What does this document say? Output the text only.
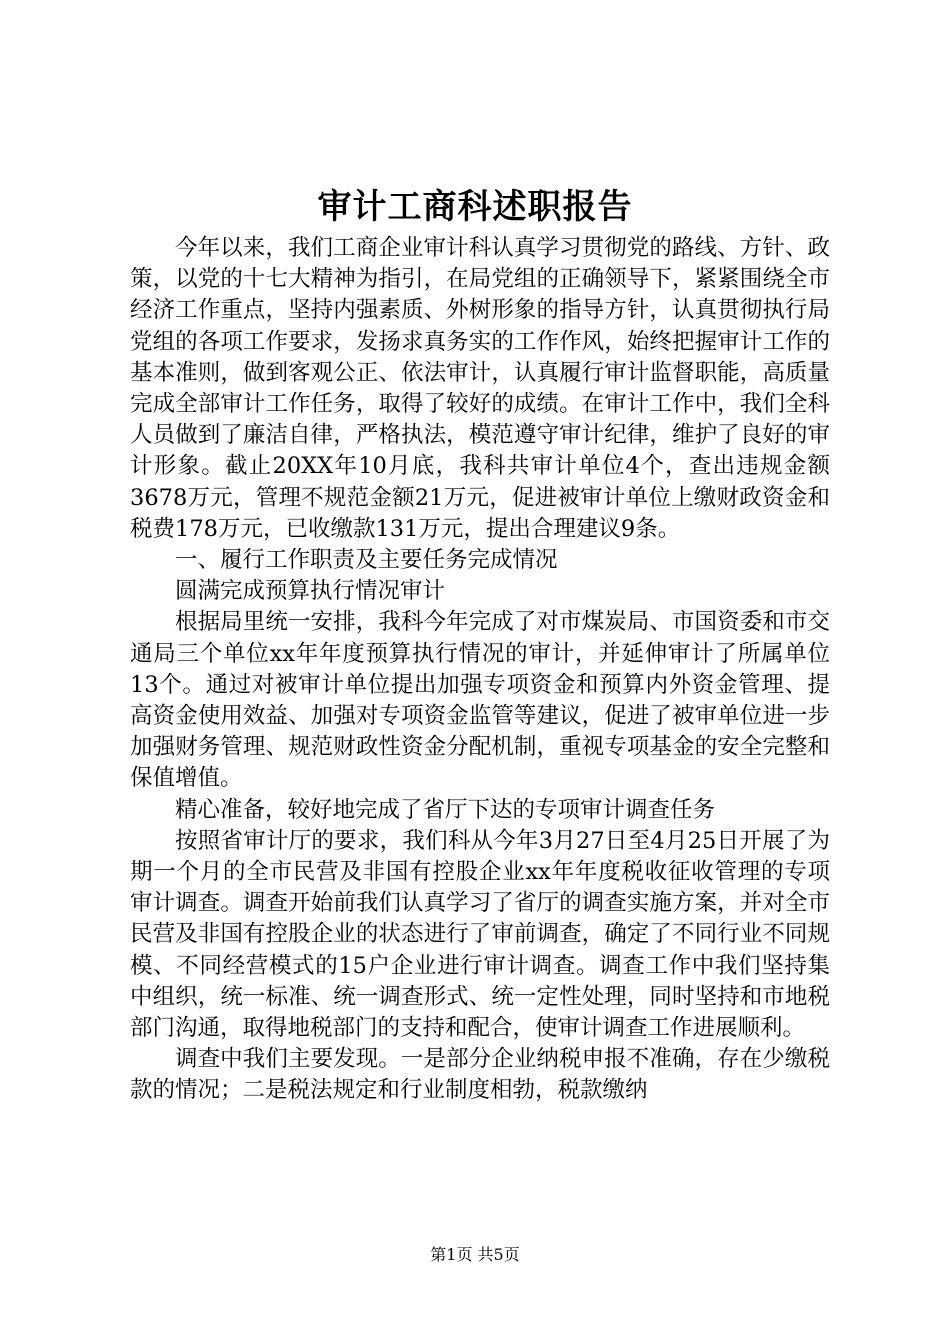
审计工商科述职报告

今年以来，我们工商企业审计科认真学习贯彻党的路线、方针、政策，以党的十七大精神为指引，在局党组的正确领导下，紧紧围绕全市经济工作重点，坚持内强素质、外树形象的指导方针，认真贯彻执行局党组的各项工作要求，发扬求真务实的工作作风，始终把握审计工作的基本准则，做到客观公正、依法审计，认真履行审计监督职能，高质量完成全部审计工作任务，取得了较好的成绩。在审计工作中，我们全科人员做到了廉洁自律，严格执法，模范遵守审计纪律，维护了良好的审计形象。截止20XX年10月底，我科共审计单位4个，查出违规金额3678万元，管理不规范金额21万元，促进被审计单位上缴财政资金和税费178万元，已收缴款131万元，提出合理建议9条。

一、履行工作职责及主要任务完成情况

圆满完成预算执行情况审计

根据局里统一安排，我科今年完成了对市煤炭局、市国资委和市交通局三个单位xx年年度预算执行情况的审计，并延伸审计了所属单位13个。通过对被审计单位提出加强专项资金和预算内外资金管理、提高资金使用效益、加强对专项资金监管等建议，促进了被审单位进一步加强财务管理、规范财政性资金分配机制，重视专项基金的安全完整和保值增值。

精心准备，较好地完成了省厅下达的专项审计调查任务

按照省审计厅的要求，我们科从今年3月27日至4月25日开展了为期一个月的全市民营及非国有控股企业xx年年度税收征收管理的专项审计调查。调查开始前我们认真学习了省厅的调查实施方案，并对全市民营及非国有控股企业的状态进行了审前调查，确定了不同行业不同规模、不同经营模式的15户企业进行审计调查。调查工作中我们坚持集中组织，统一标准、统一调查形式、统一定性处理，同时坚持和市地税部门沟通，取得地税部门的支持和配合，使审计调查工作进展顺利。

调查中我们主要发现。一是部分企业纳税申报不准确，存在少缴税款的情况；二是税法规定和行业制度相勃，税款缴纳

第1页 共5页
